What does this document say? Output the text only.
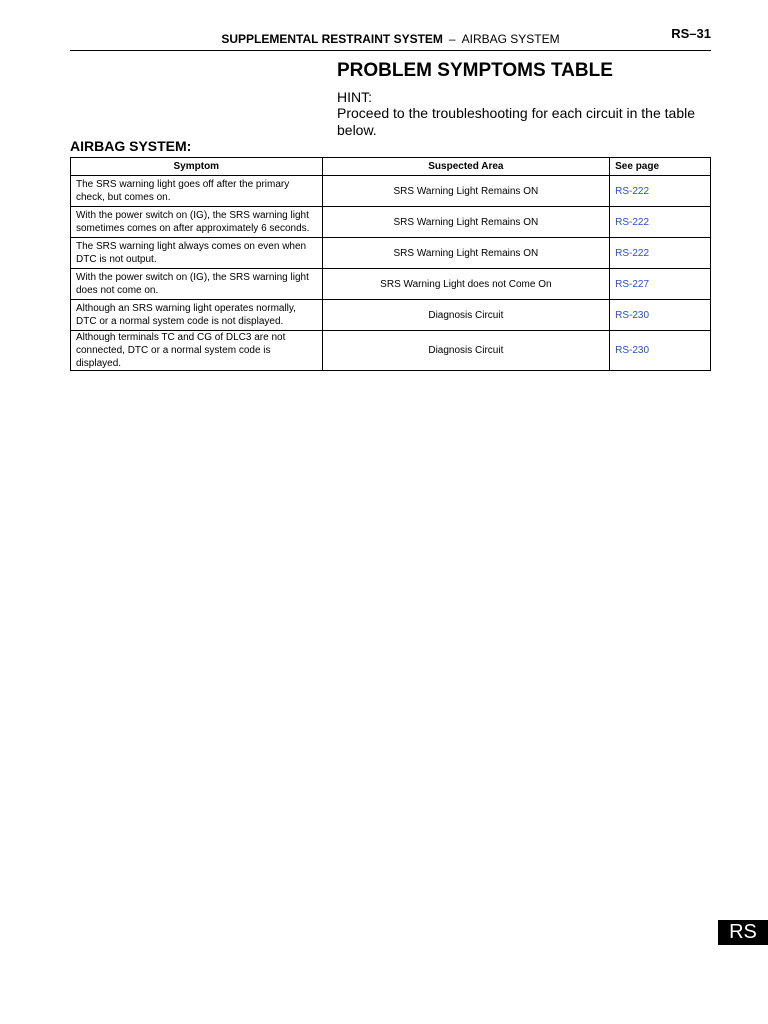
SUPPLEMENTAL RESTRAINT SYSTEM – AIRBAG SYSTEM	RS–31
PROBLEM SYMPTOMS TABLE
HINT:
Proceed to the troubleshooting for each circuit in the table below.
AIRBAG SYSTEM:
Symptom	Suspected Area	See page
The SRS warning light goes off after the primary check, but comes on.	SRS Warning Light Remains ON	RS-222
With the power switch on (IG), the SRS warning light sometimes comes on after approximately 6 seconds.	SRS Warning Light Remains ON	RS-222
The SRS warning light always comes on even when DTC is not output.	SRS Warning Light Remains ON	RS-222
With the power switch on (IG), the SRS warning light does not come on.	SRS Warning Light does not Come On	RS-227
Although an SRS warning light operates normally, DTC or a normal system code is not displayed.	Diagnosis Circuit	RS-230
Although terminals TC and CG of DLC3 are not connected, DTC or a normal system code is displayed.	Diagnosis Circuit	RS-230
RS
